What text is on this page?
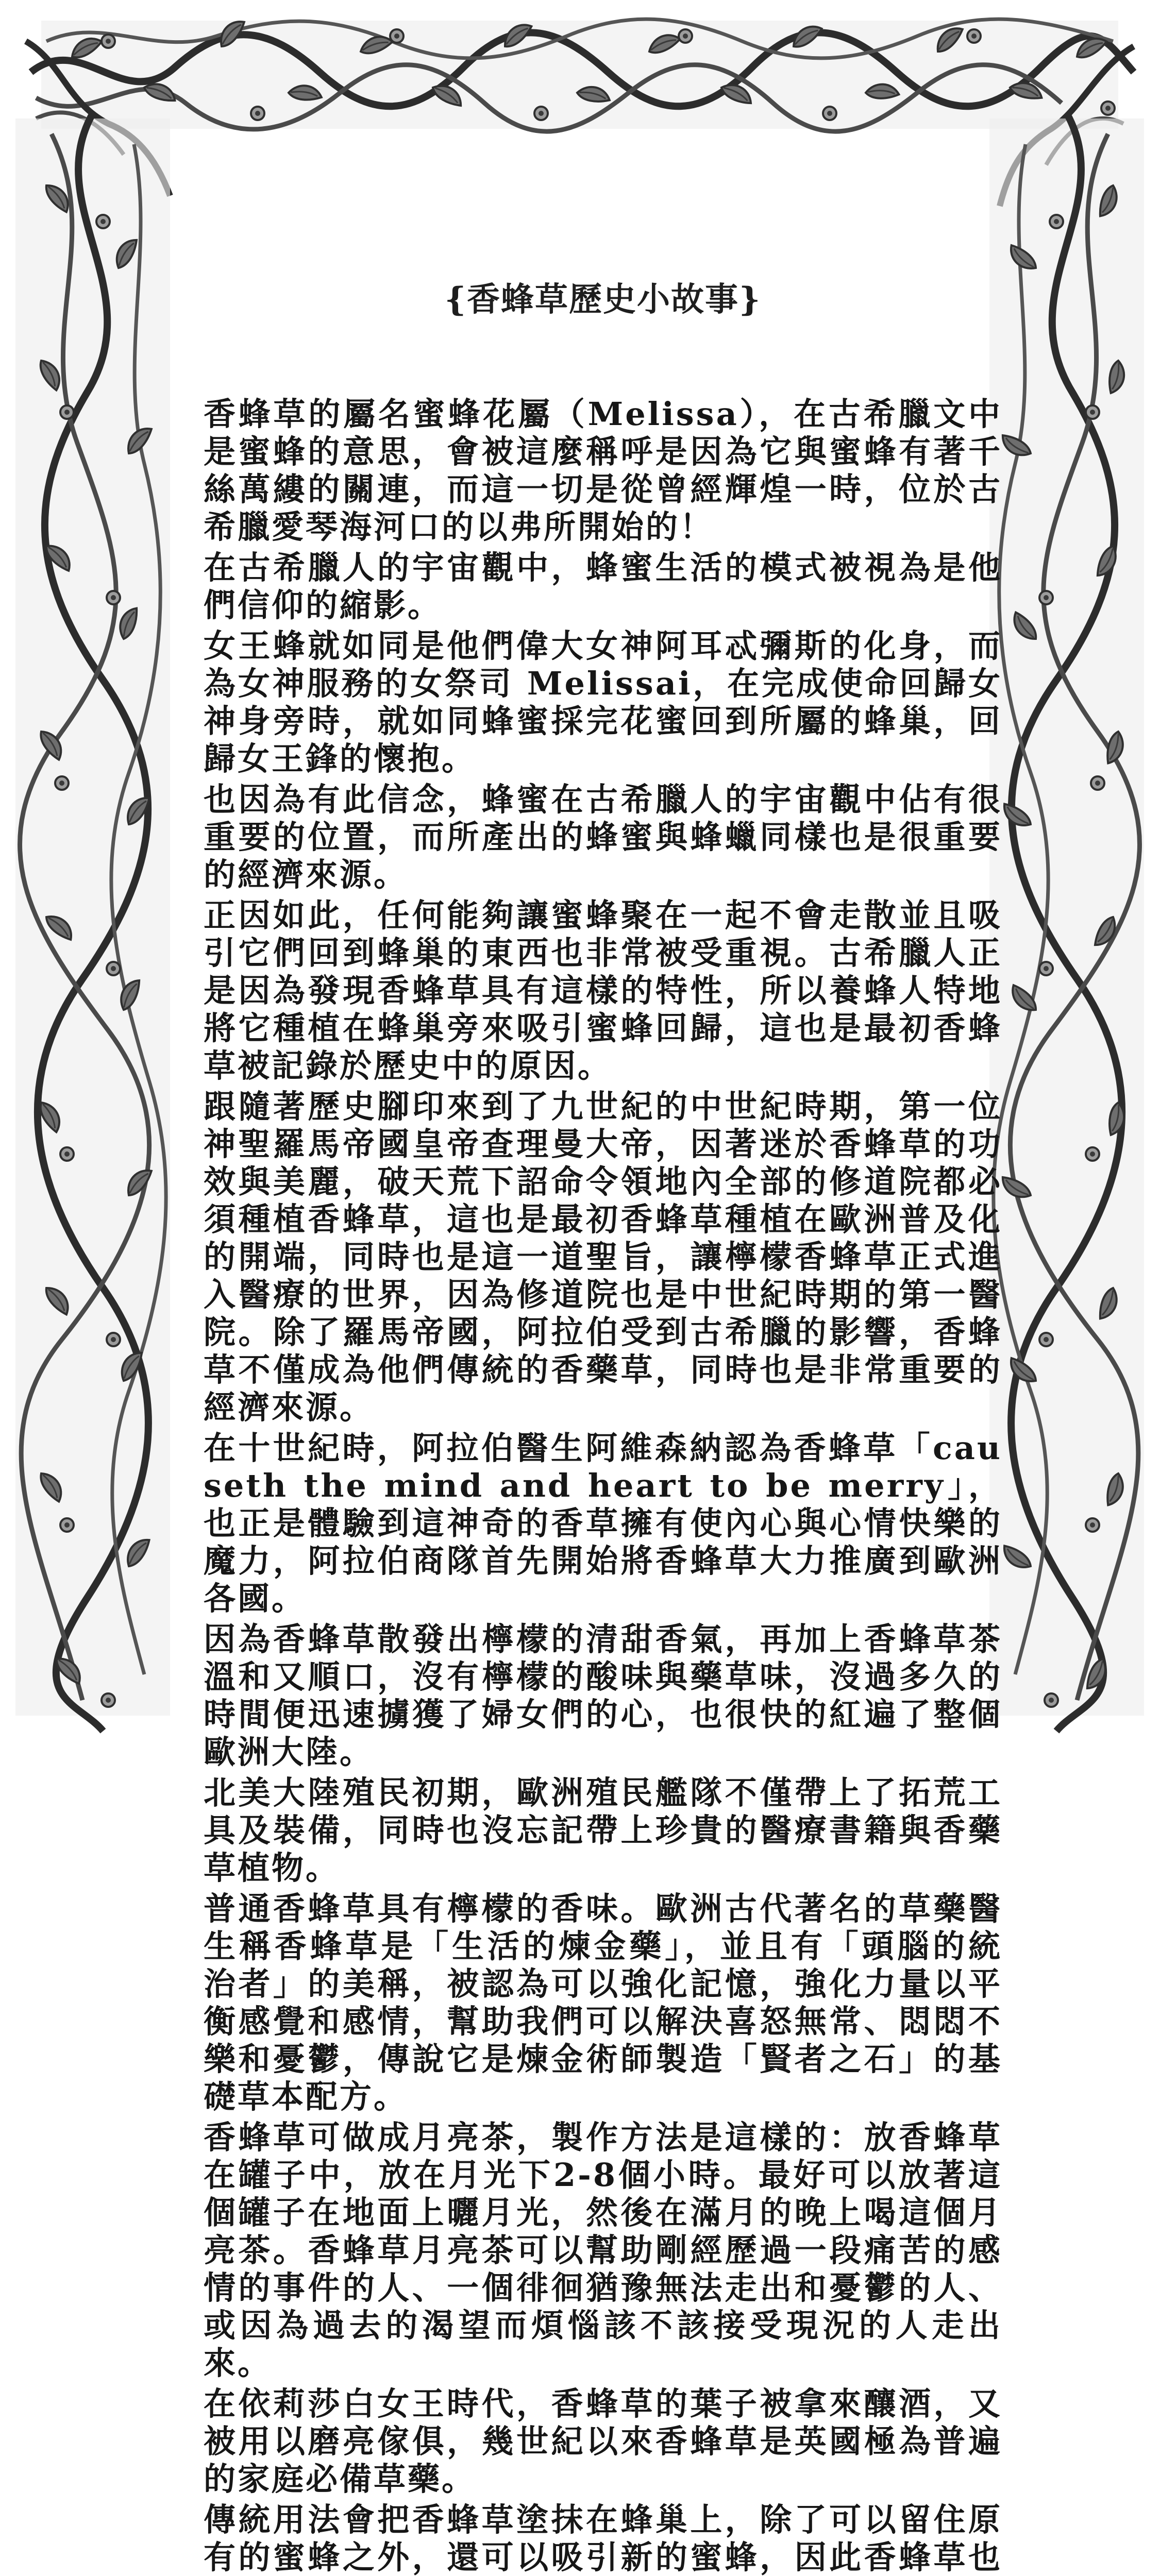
{香蜂草歷史小故事}

香蜂草的屬名蜜蜂花屬（Melissa），在古希臘文中是蜜蜂的意思，會被這麼稱呼是因為它與蜜蜂有著千絲萬縷的關連，而這一切是從曾經輝煌一時，位於古希臘愛琴海河口的以弗所開始的！

在古希臘人的宇宙觀中，蜂蜜生活的模式被視為是他們信仰的縮影。

女王蜂就如同是他們偉大女神阿耳忒彌斯的化身，而為女神服務的女祭司 Melissai，在完成使命回歸女神身旁時，就如同蜂蜜採完花蜜回到所屬的蜂巢，回歸女王鋒的懷抱。

也因為有此信念，蜂蜜在古希臘人的宇宙觀中佔有很重要的位置，而所產出的蜂蜜與蜂蠟同樣也是很重要的經濟來源。

正因如此，任何能夠讓蜜蜂聚在一起不會走散並且吸引它們回到蜂巢的東西也非常被受重視。古希臘人正是因為發現香蜂草具有這樣的特性，所以養蜂人特地將它種植在蜂巢旁來吸引蜜蜂回歸，這也是最初香蜂草被記錄於歷史中的原因。

跟隨著歷史腳印來到了九世紀的中世紀時期，第一位神聖羅馬帝國皇帝查理曼大帝，因著迷於香蜂草的功效與美麗，破天荒下詔命令領地內全部的修道院都必須種植香蜂草，這也是最初香蜂草種植在歐洲普及化的開端，同時也是這一道聖旨，讓檸檬香蜂草正式進入醫療的世界，因為修道院也是中世紀時期的第一醫院。除了羅馬帝國，阿拉伯受到古希臘的影響，香蜂草不僅成為他們傳統的香藥草，同時也是非常重要的經濟來源。

在十世紀時，阿拉伯醫生阿維森納認為香蜂草「causeth the mind and heart to be merry」，也正是體驗到這神奇的香草擁有使內心與心情快樂的魔力，阿拉伯商隊首先開始將香蜂草大力推廣到歐洲各國。

因為香蜂草散發出檸檬的清甜香氣，再加上香蜂草茶溫和又順口，沒有檸檬的酸味與藥草味，沒過多久的時間便迅速擄獲了婦女們的心，也很快的紅遍了整個歐洲大陸。

北美大陸殖民初期，歐洲殖民艦隊不僅帶上了拓荒工具及裝備，同時也沒忘記帶上珍貴的醫療書籍與香藥草植物。

普通香蜂草具有檸檬的香味。歐洲古代著名的草藥醫生稱香蜂草是「生活的煉金藥」，並且有「頭腦的統治者」的美稱，被認為可以強化記憶，強化力量以平衡感覺和感情，幫助我們可以解決喜怒無常、悶悶不樂和憂鬱，傳說它是煉金術師製造「賢者之石」的基礎草本配方。

香蜂草可做成月亮茶，製作方法是這樣的：放香蜂草在罐子中，放在月光下2-8個小時。最好可以放著這個罐子在地面上曬月光，然後在滿月的晚上喝這個月亮茶。香蜂草月亮茶可以幫助剛經歷過一段痛苦的感情的事件的人、一個徘徊猶豫無法走出和憂鬱的人、或因為過去的渴望而煩惱該不該接受現況的人走出來。

在依莉莎白女王時代，香蜂草的葉子被拿來釀酒，又被用以磨亮傢俱，幾世紀以來香蜂草是英國極為普遍的家庭必備草藥。

傳統用法會把香蜂草塗抹在蜂巢上，除了可以留住原有的蜜蜂之外，還可以吸引新的蜜蜂，因此香蜂草也
